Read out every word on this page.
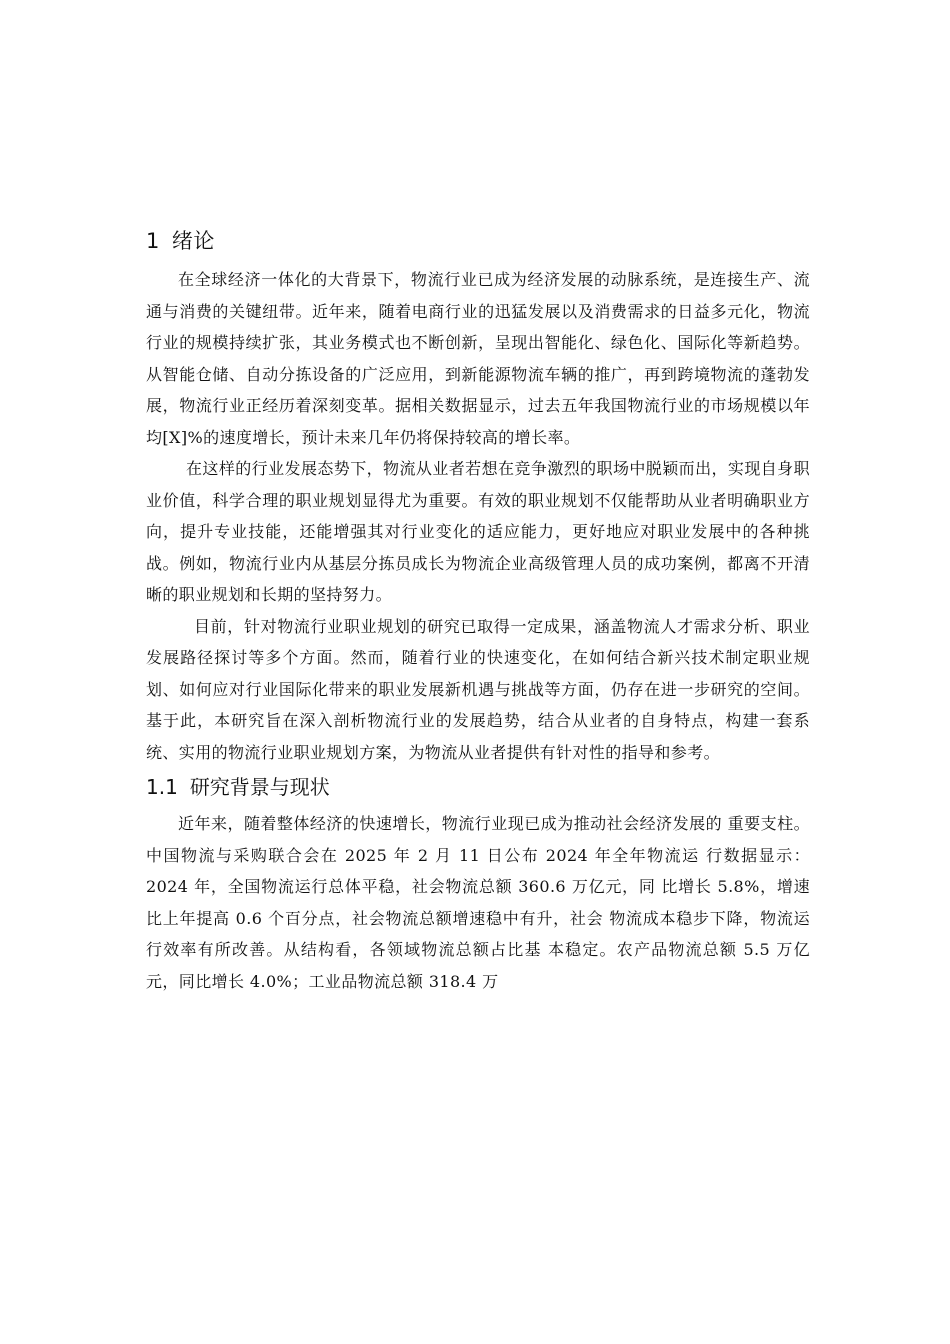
1 绪论

在全球经济一体化的大背景下，物流行业已成为经济发展的动脉系统，是连接生产、流通与消费的关键纽带。近年来，随着电商行业的迅猛发展以及消费需求的日益多元化，物流行业的规模持续扩张，其业务模式也不断创新，呈现出智能化、绿色化、国际化等新趋势。从智能仓储、自动分拣设备的广泛应用，到新能源物流车辆的推广，再到跨境物流的蓬勃发展，物流行业正经历着深刻变革。据相关数据显示，过去五年我国物流行业的市场规模以年均[X]%的速度增长，预计未来几年仍将保持较高的增长率。

在这样的行业发展态势下，物流从业者若想在竞争激烈的职场中脱颖而出，实现自身职业价值，科学合理的职业规划显得尤为重要。有效的职业规划不仅能帮助从业者明确职业方向，提升专业技能，还能增强其对行业变化的适应能力，更好地应对职业发展中的各种挑战。例如，物流行业内从基层分拣员成长为物流企业高级管理人员的成功案例，都离不开清晰的职业规划和长期的坚持努力。

目前，针对物流行业职业规划的研究已取得一定成果，涵盖物流人才需求分析、职业发展路径探讨等多个方面。然而，随着行业的快速变化，在如何结合新兴技术制定职业规划、如何应对行业国际化带来的职业发展新机遇与挑战等方面，仍存在进一步研究的空间。基于此，本研究旨在深入剖析物流行业的发展趋势，结合从业者的自身特点，构建一套系统、实用的物流行业职业规划方案，为物流从业者提供有针对性的指导和参考。

1.1 研究背景与现状

近年来，随着整体经济的快速增长，物流行业现已成为推动社会经济发展的 重要支柱。中国物流与采购联合会在 2025 年 2 月 11 日公布 2024 年全年物流运 行数据显示：2024 年，全国物流运行总体平稳，社会物流总额 360.6 万亿元，同 比增长 5.8%，增速比上年提高 0.6 个百分点，社会物流总额增速稳中有升，社会 物流成本稳步下降，物流运行效率有所改善。从结构看，各领域物流总额占比基 本稳定。农产品物流总额 5.5 万亿元，同比增长 4.0%；工业品物流总额 318.4 万
